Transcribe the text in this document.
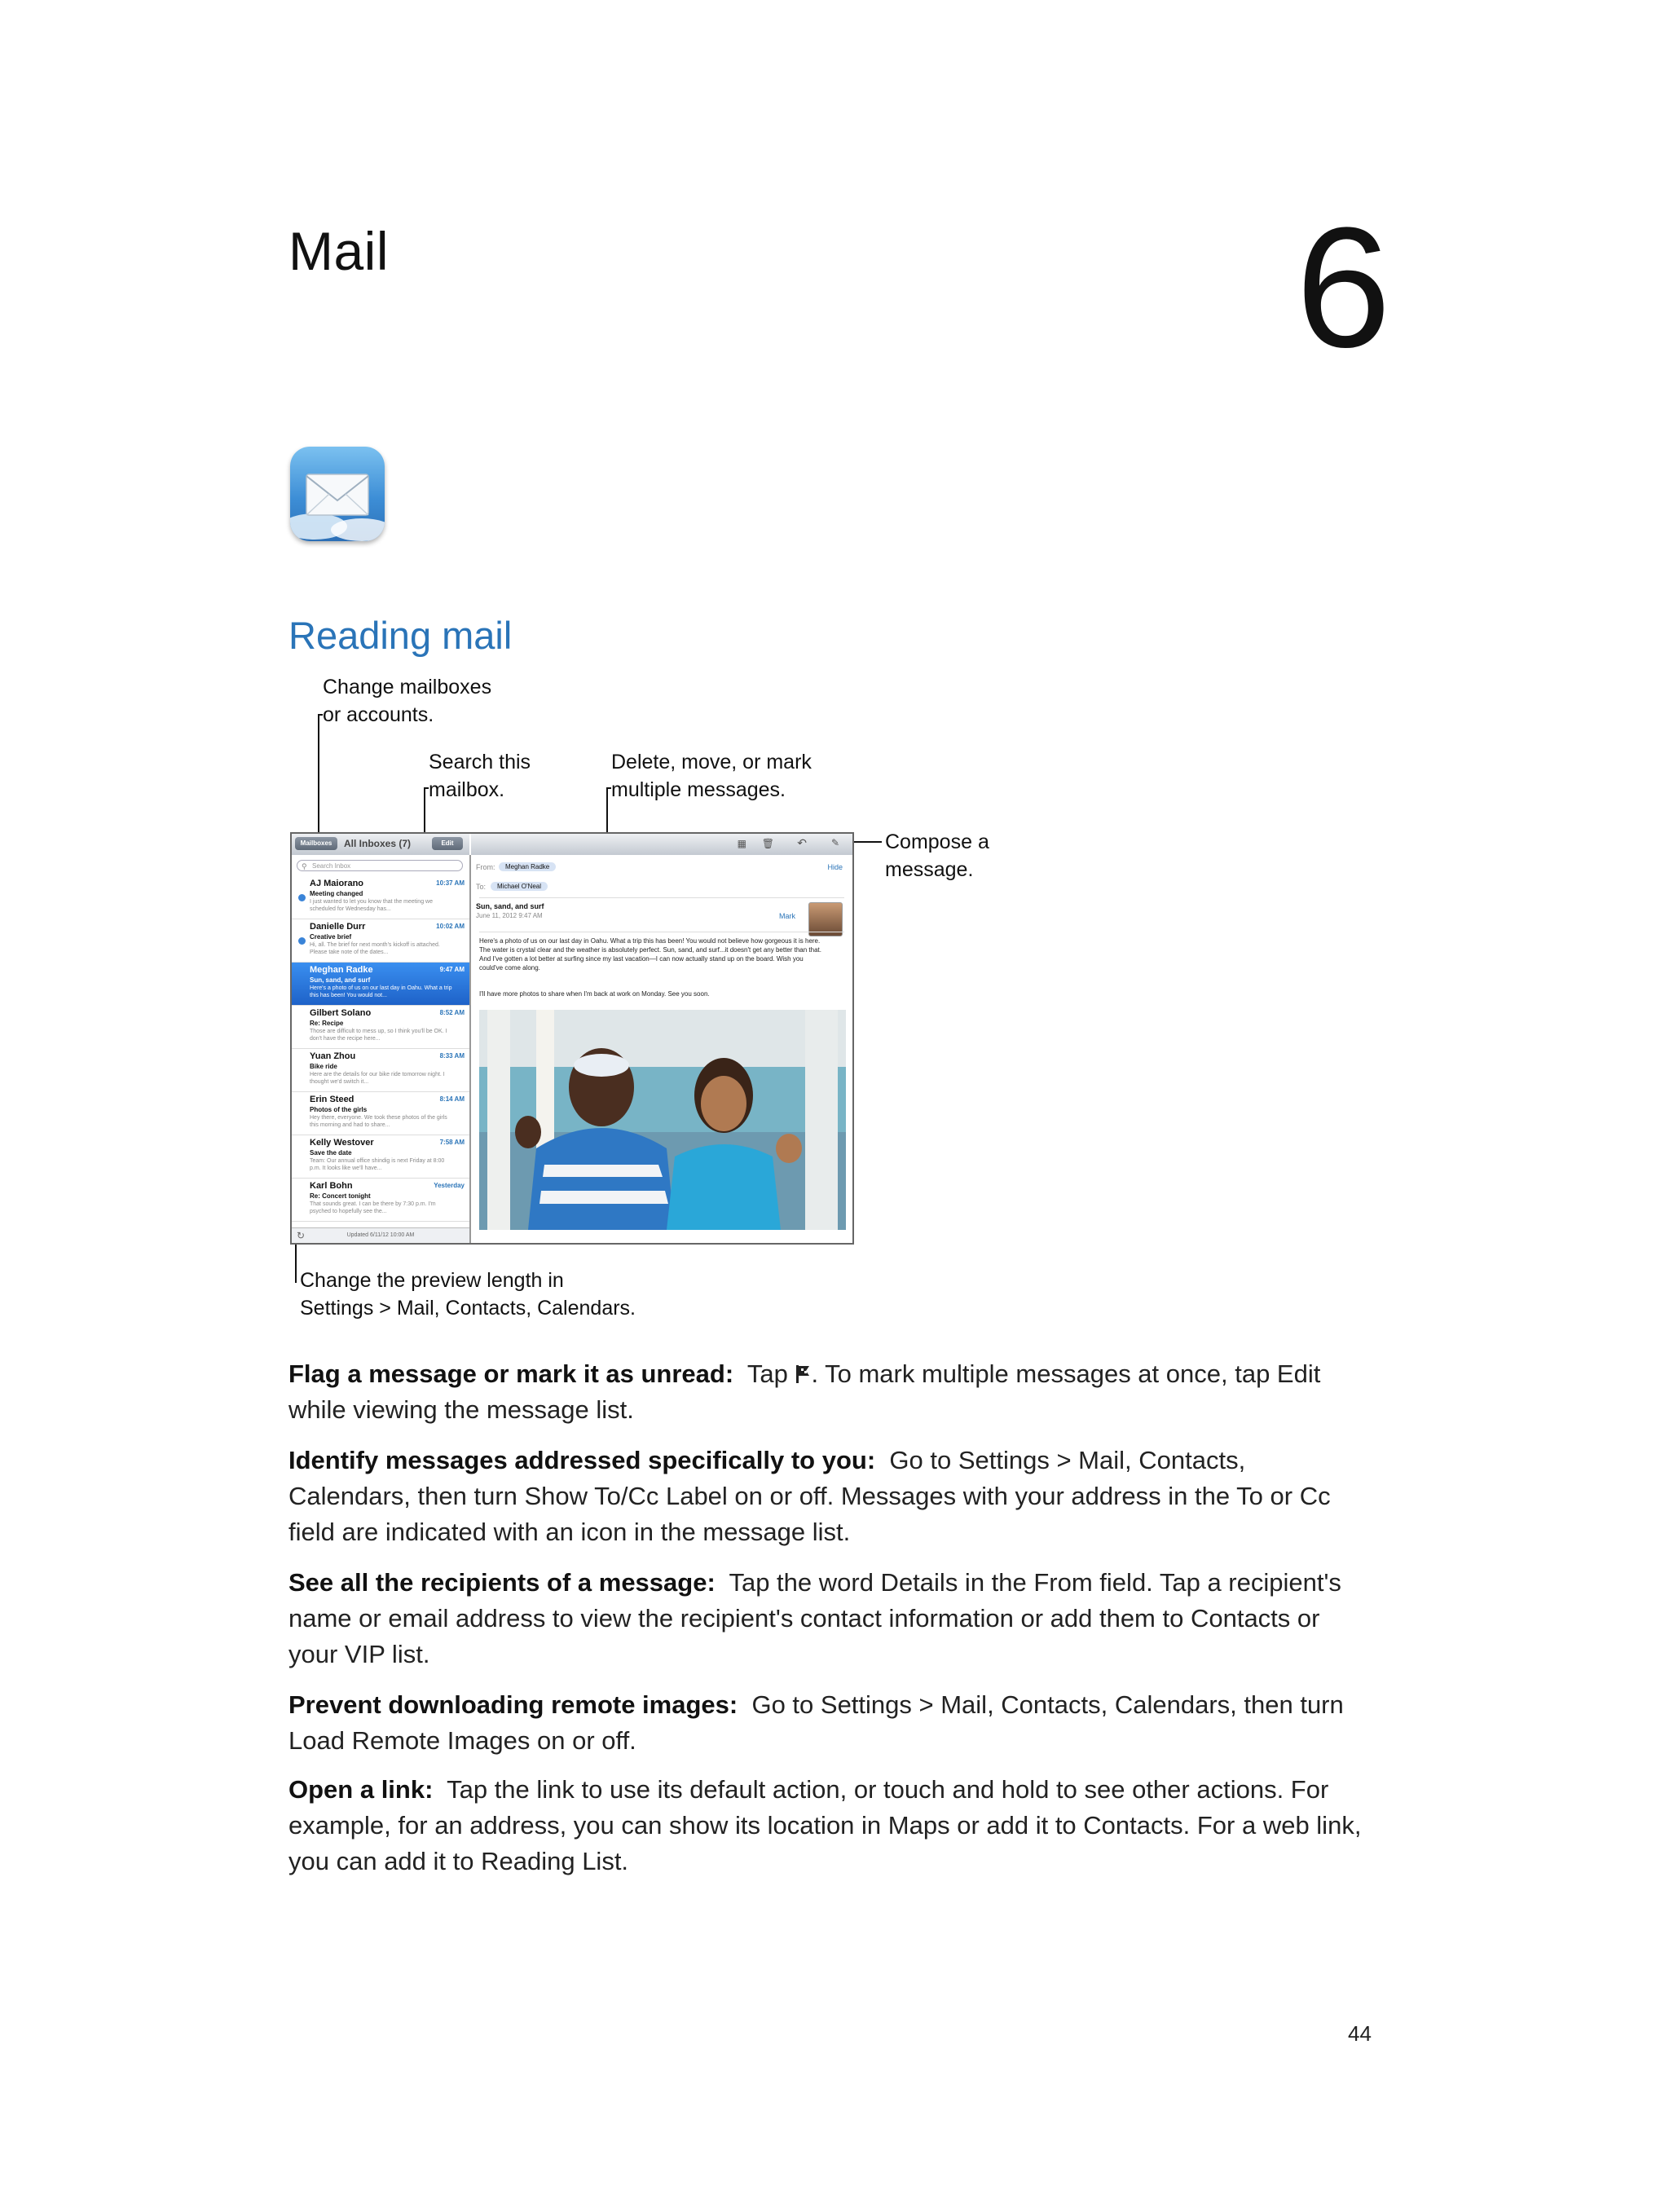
Mail	6
Reading mail
Change mailboxes
or accounts.
Search this
mailbox.
Delete, move, or mark
multiple messages.
Compose a
message.
Change the preview length in
Settings > Mail, Contacts, Calendars.
Mailboxes	All Inboxes (7)	Edit	▦ 🗑 ↶ ✎
⚲ Search Inbox
AJ Maiorano	10:37 AM
Meeting changed
I just wanted to let you know that the meeting we scheduled for Wednesday has...
Danielle Durr	10:02 AM
Creative brief
Hi, all. The brief for next month's kickoff is attached. Please take note of the dates...
Meghan Radke	9:47 AM
Sun, sand, and surf
Here's a photo of us on our last day in Oahu. What a trip this has been! You would not...
Gilbert Solano	8:52 AM
Re: Recipe
Those are difficult to mess up, so I think you'll be OK. I don't have the recipe here...
Yuan Zhou	8:33 AM
Bike ride
Here are the details for our bike ride tomorrow night. I thought we'd switch it...
Erin Steed	8:14 AM
Photos of the girls
Hey there, everyone. We took these photos of the girls this morning and had to share...
Kelly Westover	7:58 AM
Save the date
Team: Our annual office shindig is next Friday at 8:00 p.m. It looks like we'll have...
Karl Bohn	Yesterday
Re: Concert tonight
That sounds great. I can be there by 7:30 p.m. I'm psyched to hopefully see the...
↻	Updated 6/11/12 10:00 AM
From:	Meghan Radke	Hide
To:	Michael O'Neal
Sun, sand, and surf
June 11, 2012 9:47 AM	Mark
Here's a photo of us on our last day in Oahu. What a trip this has been! You would not believe how gorgeous it is here. The water is crystal clear and the weather is absolutely perfect. Sun, sand, and surf...it doesn't get any better than that. And I've gotten a lot better at surfing since my last vacation—I can now actually stand up on the board. Wish you could've come along.
I'll have more photos to share when I'm back at work on Monday. See you soon.
Flag a message or mark it as unread: Tap . To mark multiple messages at once, tap Edit while viewing the message list.
Identify messages addressed specifically to you: Go to Settings > Mail, Contacts, Calendars, then turn Show To/Cc Label on or off. Messages with your address in the To or Cc field are indicated with an icon in the message list.
See all the recipients of a message: Tap the word Details in the From field. Tap a recipient's name or email address to view the recipient's contact information or add them to Contacts or your VIP list.
Prevent downloading remote images: Go to Settings > Mail, Contacts, Calendars, then turn Load Remote Images on or off.
Open a link: Tap the link to use its default action, or touch and hold to see other actions. For example, for an address, you can show its location in Maps or add it to Contacts. For a web link, you can add it to Reading List.
44
